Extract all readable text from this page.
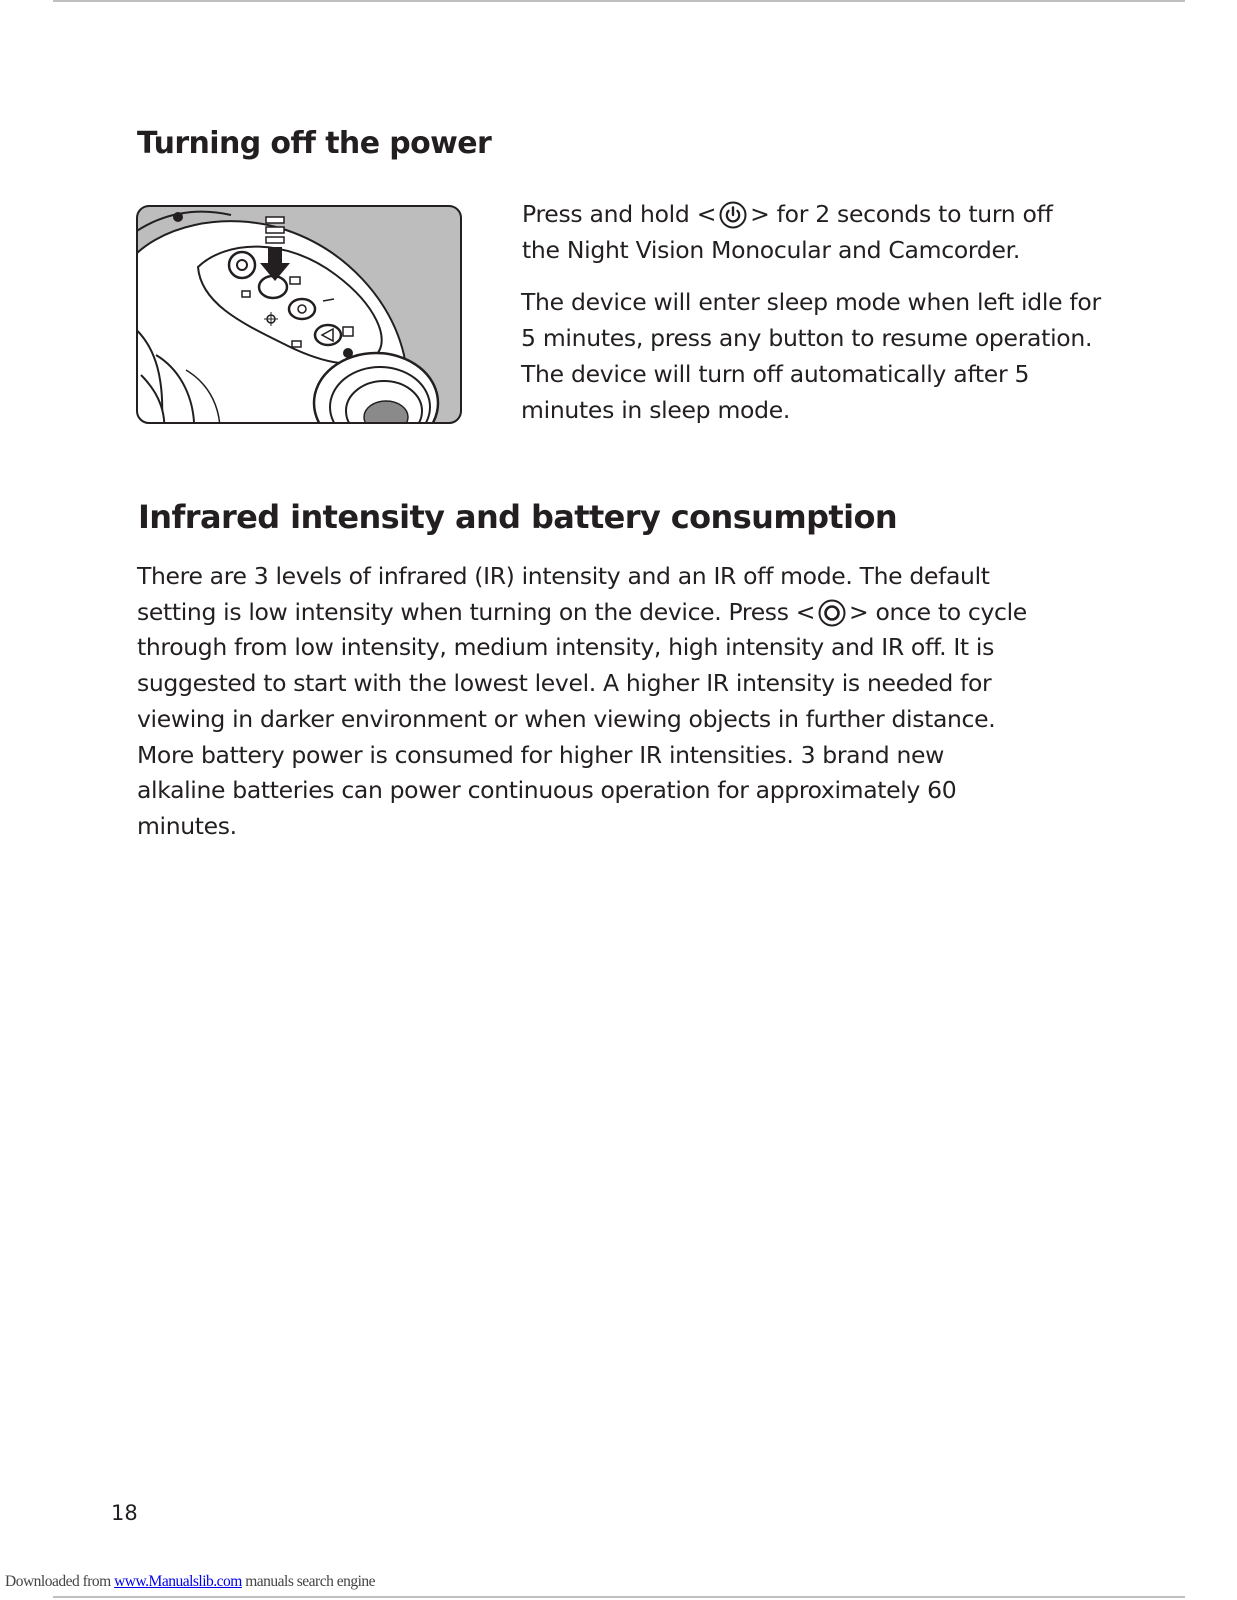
Turning off the power

Press and hold < > for 2 seconds to turn off
the Night Vision Monocular and Camcorder.

The device will enter sleep mode when left idle for 5 minutes, press any button to resume operation. The device will turn off automatically after 5 minutes in sleep mode.

Infrared intensity and battery consumption

There are 3 levels of infrared (IR) intensity and an IR off mode. The default
setting is low intensity when turning on the device. Press < > once to cycle
through from low intensity, medium intensity, high intensity and IR off. It is
suggested to start with the lowest level. A higher IR intensity is needed for
viewing in darker environment or when viewing objects in further distance.
More battery power is consumed for higher IR intensities. 3 brand new
alkaline batteries can power continuous operation for approximately 60
minutes.

18
Downloaded from www.Manualslib.com manuals search engine
